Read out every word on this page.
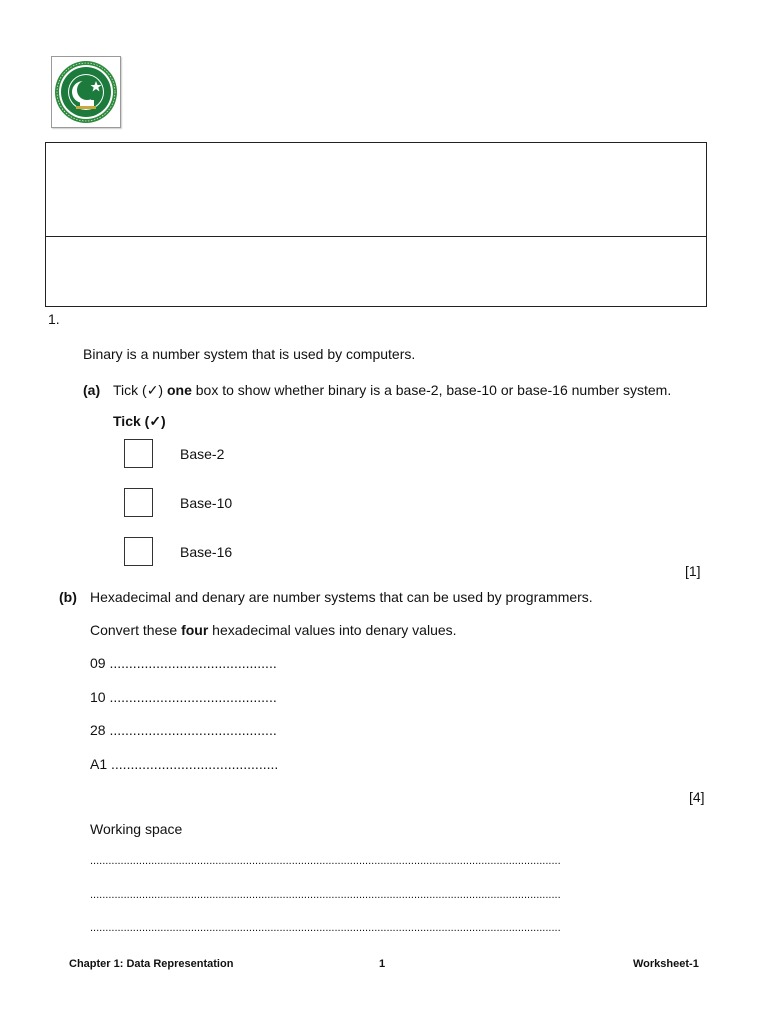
1.
Binary is a number system that is used by computers.
(a) Tick (✓) one box to show whether binary is a base-2, base-10 or base-16 number system.
Tick (✓)
Base-2
Base-10
Base-16
[1]
(b) Hexadecimal and denary are number systems that can be used by programmers.
Convert these four hexadecimal values into denary values.
09 ...........................................
10 ...........................................
28 ...........................................
A1 ...........................................
[4]
Working space
..........................................................................................................................................................
..........................................................................................................................................................
..........................................................................................................................................................
Chapter 1: Data Representation	1	Worksheet-1
